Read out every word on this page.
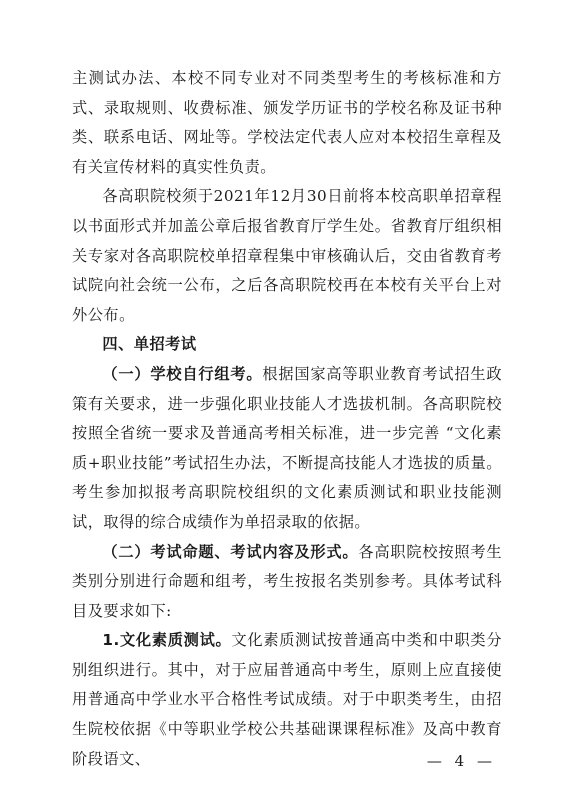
主测试办法、本校不同专业对不同类型考生的考核标准和方式、录取规则、收费标准、颁发学历证书的学校名称及证书种类、联系电话、网址等。学校法定代表人应对本校招生章程及有关宣传材料的真实性负责。

各高职院校须于2021年12月30日前将本校高职单招章程以书面形式并加盖公章后报省教育厅学生处。省教育厅组织相关专家对各高职院校单招章程集中审核确认后，交由省教育考试院向社会统一公布，之后各高职院校再在本校有关平台上对外公布。

四、单招考试

（一）学校自行组考。根据国家高等职业教育考试招生政策有关要求，进一步强化职业技能人才选拔机制。各高职院校按照全省统一要求及普通高考相关标准，进一步完善 “文化素质+职业技能”考试招生办法，不断提高技能人才选拔的质量。考生参加拟报考高职院校组织的文化素质测试和职业技能测试，取得的综合成绩作为单招录取的依据。

（二）考试命题、考试内容及形式。各高职院校按照考生类别分别进行命题和组考，考生按报名类别参考。具体考试科目及要求如下:

1.文化素质测试。文化素质测试按普通高中类和中职类分别组织进行。其中，对于应届普通高中考生，原则上应直接使用普通高中学业水平合格性考试成绩。对于中职类考生，由招生院校依据《中等职业学校公共基础课课程标准》及高中教育阶段语文、	— 4 —
